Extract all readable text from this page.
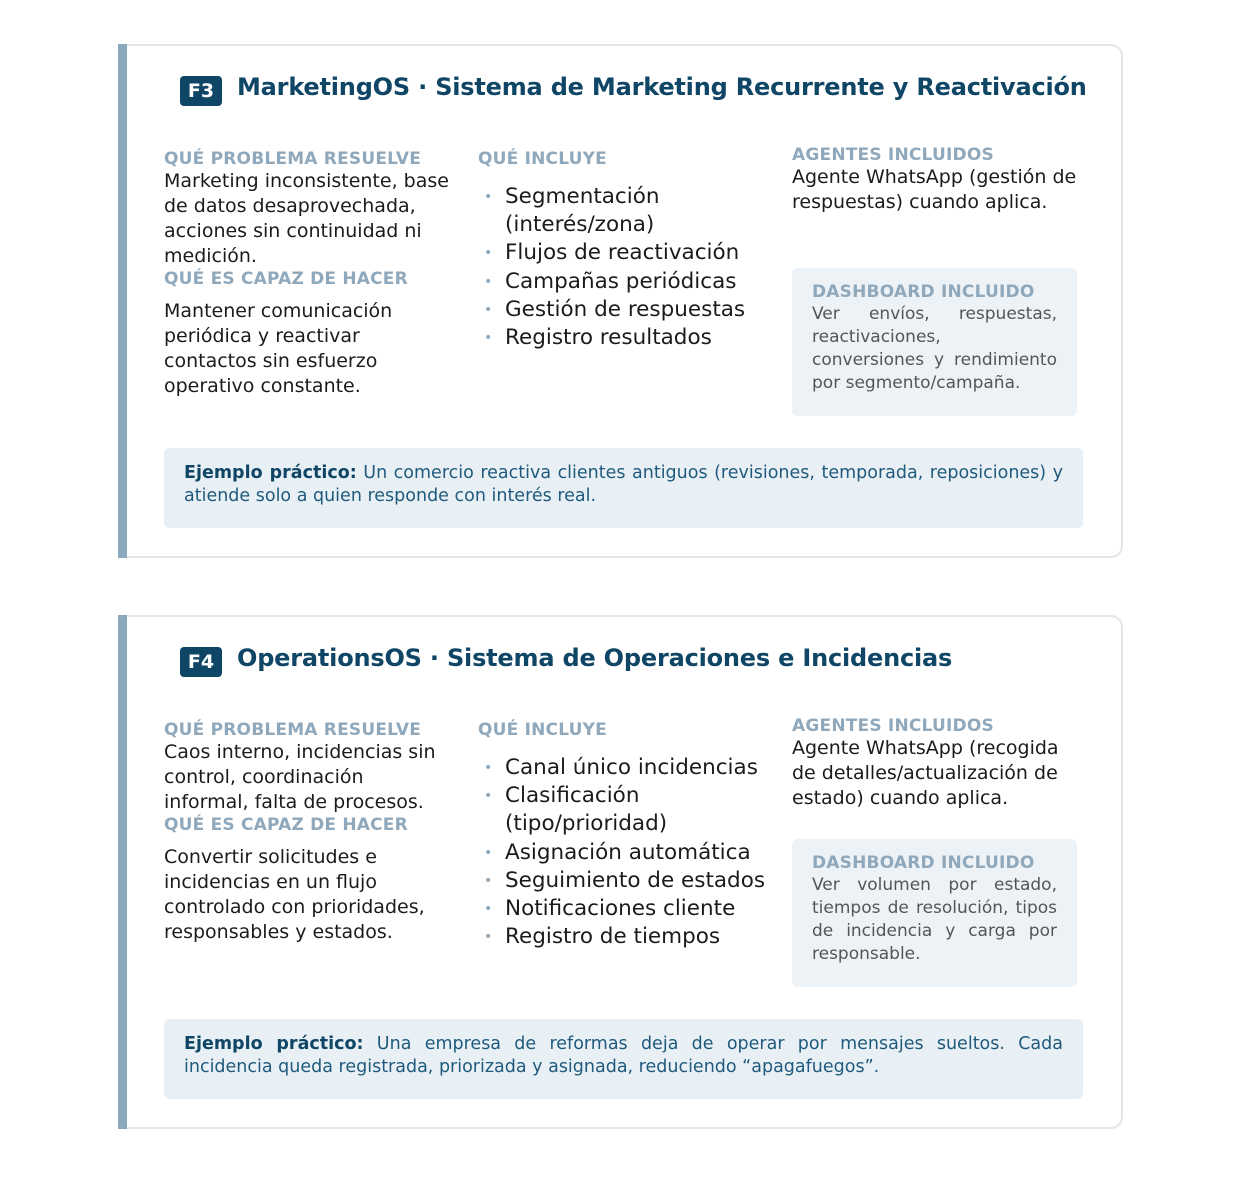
F3 MarketingOS · Sistema de Marketing Recurrente y Reactivación
QUÉ PROBLEMA RESUELVE
Marketing inconsistente, base de datos desaprovechada, acciones sin continuidad ni medición.
QUÉ ES CAPAZ DE HACER
Mantener comunicación periódica y reactivar contactos sin esfuerzo operativo constante.
QUÉ INCLUYE
• Segmentación (interés/zona)
• Flujos de reactivación
• Campañas periódicas
• Gestión de respuestas
• Registro resultados
AGENTES INCLUIDOS
Agente WhatsApp (gestión de respuestas) cuando aplica.
DASHBOARD INCLUIDO
Ver envíos, respuestas, reactivaciones, conversiones y rendimiento por segmento/campaña.
Ejemplo práctico: Un comercio reactiva clientes antiguos (revisiones, temporada, reposiciones) y atiende solo a quien responde con interés real.
F4 OperationsOS · Sistema de Operaciones e Incidencias
QUÉ PROBLEMA RESUELVE
Caos interno, incidencias sin control, coordinación informal, falta de procesos.
QUÉ ES CAPAZ DE HACER
Convertir solicitudes e incidencias en un flujo controlado con prioridades, responsables y estados.
QUÉ INCLUYE
• Canal único incidencias
• Clasificación (tipo/prioridad)
• Asignación automática
• Seguimiento de estados
• Notificaciones cliente
• Registro de tiempos
AGENTES INCLUIDOS
Agente WhatsApp (recogida de detalles/actualización de estado) cuando aplica.
DASHBOARD INCLUIDO
Ver volumen por estado, tiempos de resolución, tipos de incidencia y carga por responsable.
Ejemplo práctico: Una empresa de reformas deja de operar por mensajes sueltos. Cada incidencia queda registrada, priorizada y asignada, reduciendo “apagafuegos”.
